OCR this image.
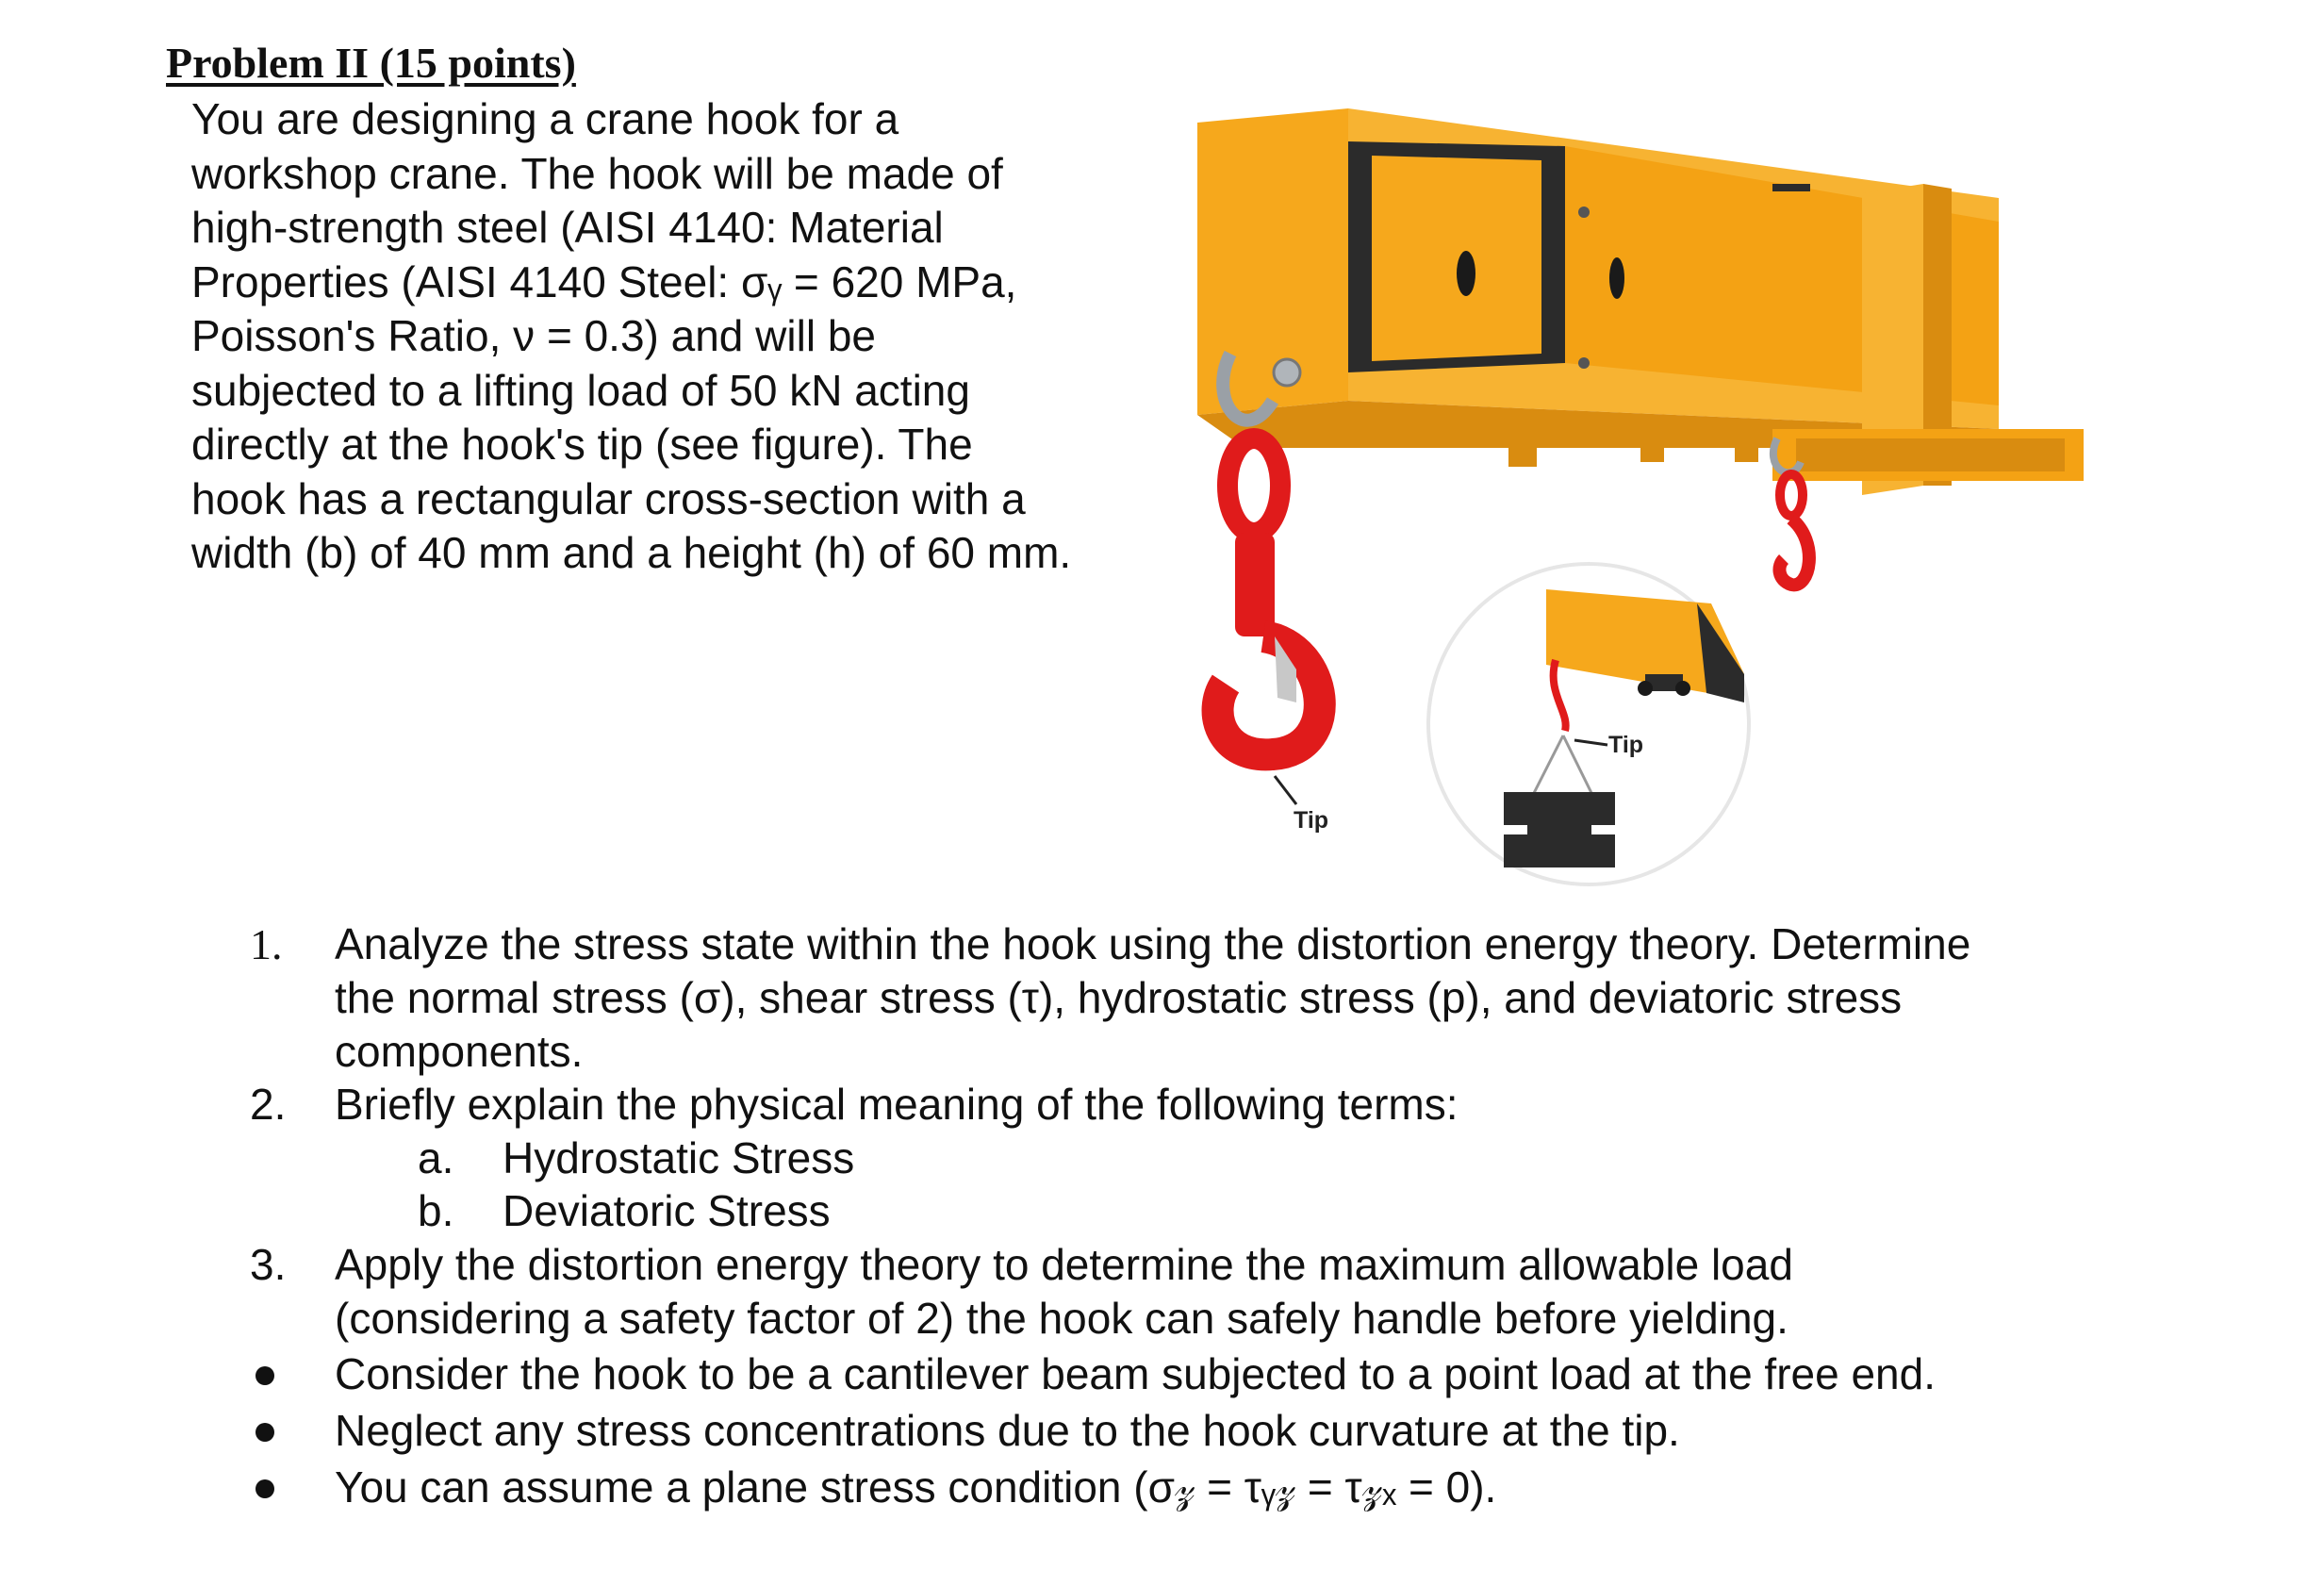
Problem II (15 points)
You are designing a crane hook for a
workshop crane. The hook will be made of
high-strength steel (AISI 4140: Material
Properties (AISI 4140 Steel: σᵧ = 620 MPa,
Poisson's Ratio, ν = 0.3) and will be
subjected to a lifting load of 50 kN acting
directly at the hook's tip (see figure). The
hook has a rectangular cross-section with a
width (b) of 40 mm and a height (h) of 60 mm.
Tip
Tip
1. Analyze the stress state within the hook using the distortion energy theory. Determine
the normal stress (σ), shear stress (τ), hydrostatic stress (p), and deviatoric stress
components.
2. Briefly explain the physical meaning of the following terms:
a. Hydrostatic Stress
b. Deviatoric Stress
3. Apply the distortion energy theory to determine the maximum allowable load
(considering a safety factor of 2) the hook can safely handle before yielding.
Consider the hook to be a cantilever beam subjected to a point load at the free end.
Neglect any stress concentrations due to the hook curvature at the tip.
You can assume a plane stress condition (σ𝓏 = τᵧ𝓏 = τ𝓏ₓ = 0).
